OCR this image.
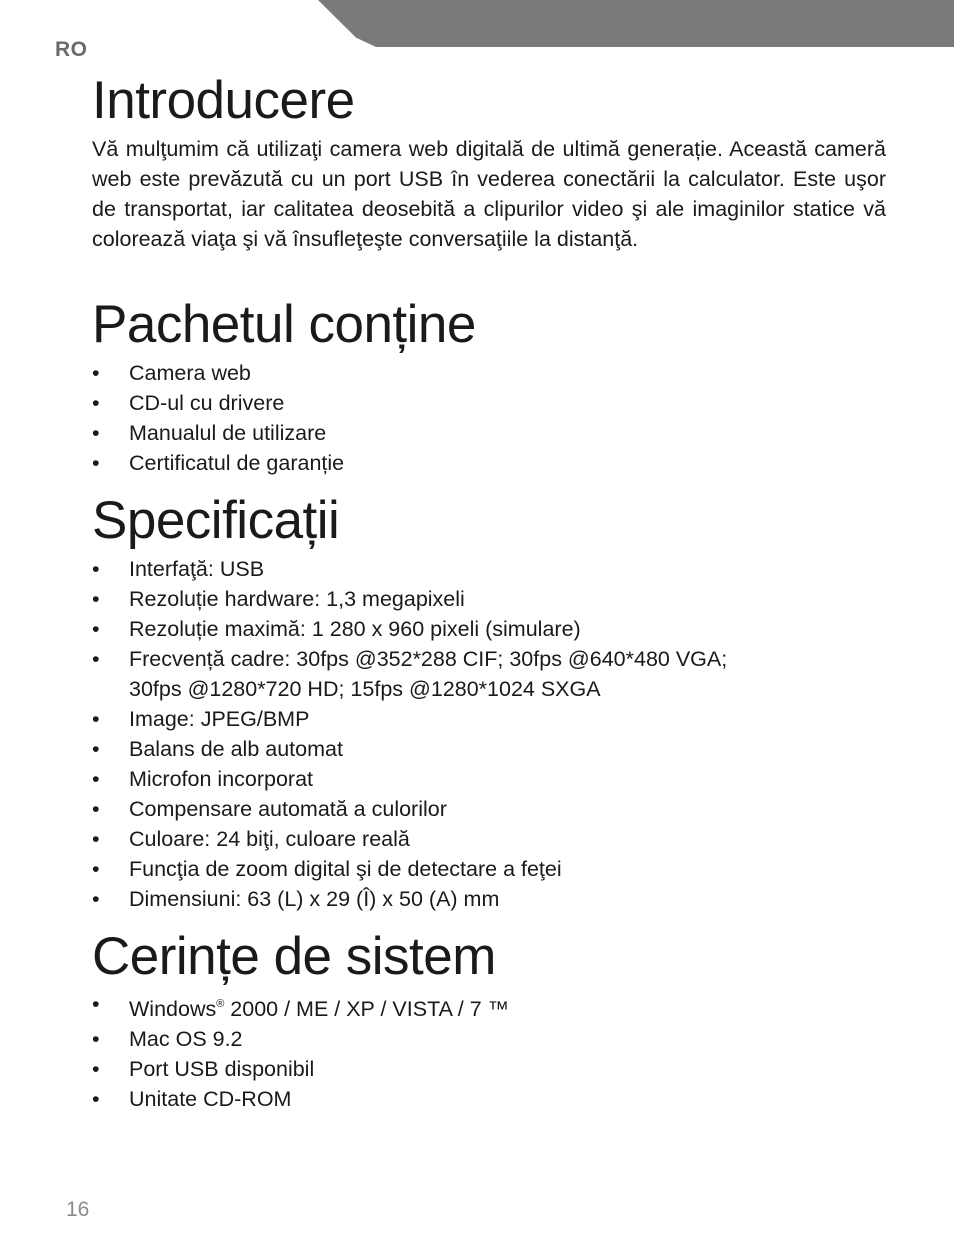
RO
Introducere

Vă mulţumim că utilizaţi camera web digitală de ultimă generație. Această cameră web este prevăzută cu un port USB în vederea conectării la calculator. Este uşor de transportat, iar calitatea deosebită a clipurilor video şi ale imaginilor statice vă colorează viaţa şi vă însufleţeşte conversaţiile la distanţă.

Pachetul conține
• Camera web
• CD-ul cu drivere
• Manualul de utilizare
• Certificatul de garanție
Specificații
• Interfaţă: USB
• Rezoluție hardware: 1,3 megapixeli
• Rezoluție maximă: 1 280 x 960 pixeli (simulare)
• Frecvență cadre: 30fps @352*288 CIF; 30fps @640*480 VGA;
30fps @1280*720 HD; 15fps @1280*1024 SXGA
• Image: JPEG/BMP
• Balans de alb automat
• Microfon incorporat
• Compensare automată a culorilor
• Culoare: 24 biţi, culoare reală
• Funcţia de zoom digital şi de detectare a feţei
• Dimensiuni: 63 (L) x 29 (Î) x 50 (A) mm
Cerințe de sistem
• Windows® 2000 / ME / XP / VISTA / 7 ™
• Mac OS 9.2
• Port USB disponibil
• Unitate CD-ROM
16
